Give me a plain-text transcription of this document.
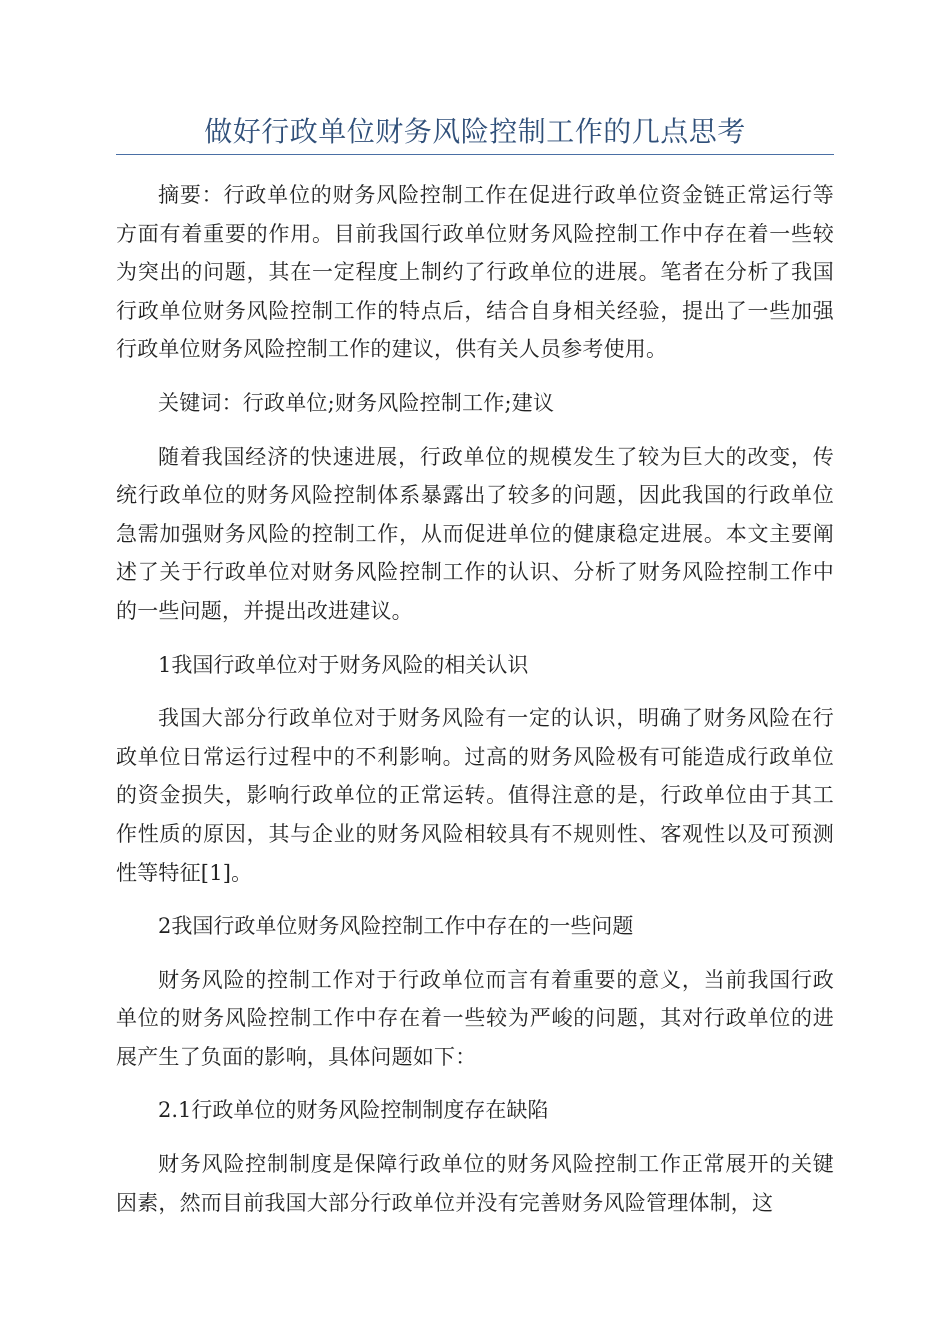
做好行政单位财务风险控制工作的几点思考

摘要：行政单位的财务风险控制工作在促进行政单位资金链正常运行等方面有着重要的作用。目前我国行政单位财务风险控制工作中存在着一些较为突出的问题，其在一定程度上制约了行政单位的进展。笔者在分析了我国行政单位财务风险控制工作的特点后，结合自身相关经验，提出了一些加强行政单位财务风险控制工作的建议，供有关人员参考使用。

关键词：行政单位;财务风险控制工作;建议

随着我国经济的快速进展，行政单位的规模发生了较为巨大的改变，传统行政单位的财务风险控制体系暴露出了较多的问题，因此我国的行政单位急需加强财务风险的控制工作，从而促进单位的健康稳定进展。本文主要阐述了关于行政单位对财务风险控制工作的认识、分析了财务风险控制工作中的一些问题，并提出改进建议。

1我国行政单位对于财务风险的相关认识

我国大部分行政单位对于财务风险有一定的认识，明确了财务风险在行政单位日常运行过程中的不利影响。过高的财务风险极有可能造成行政单位的资金损失，影响行政单位的正常运转。值得注意的是，行政单位由于其工作性质的原因，其与企业的财务风险相较具有不规则性、客观性以及可预测性等特征[1]。

2我国行政单位财务风险控制工作中存在的一些问题

财务风险的控制工作对于行政单位而言有着重要的意义，当前我国行政单位的财务风险控制工作中存在着一些较为严峻的问题，其对行政单位的进展产生了负面的影响，具体问题如下：

2.1行政单位的财务风险控制制度存在缺陷

财务风险控制制度是保障行政单位的财务风险控制工作正常展开的关键因素，然而目前我国大部分行政单位并没有完善财务风险管理体制，这
